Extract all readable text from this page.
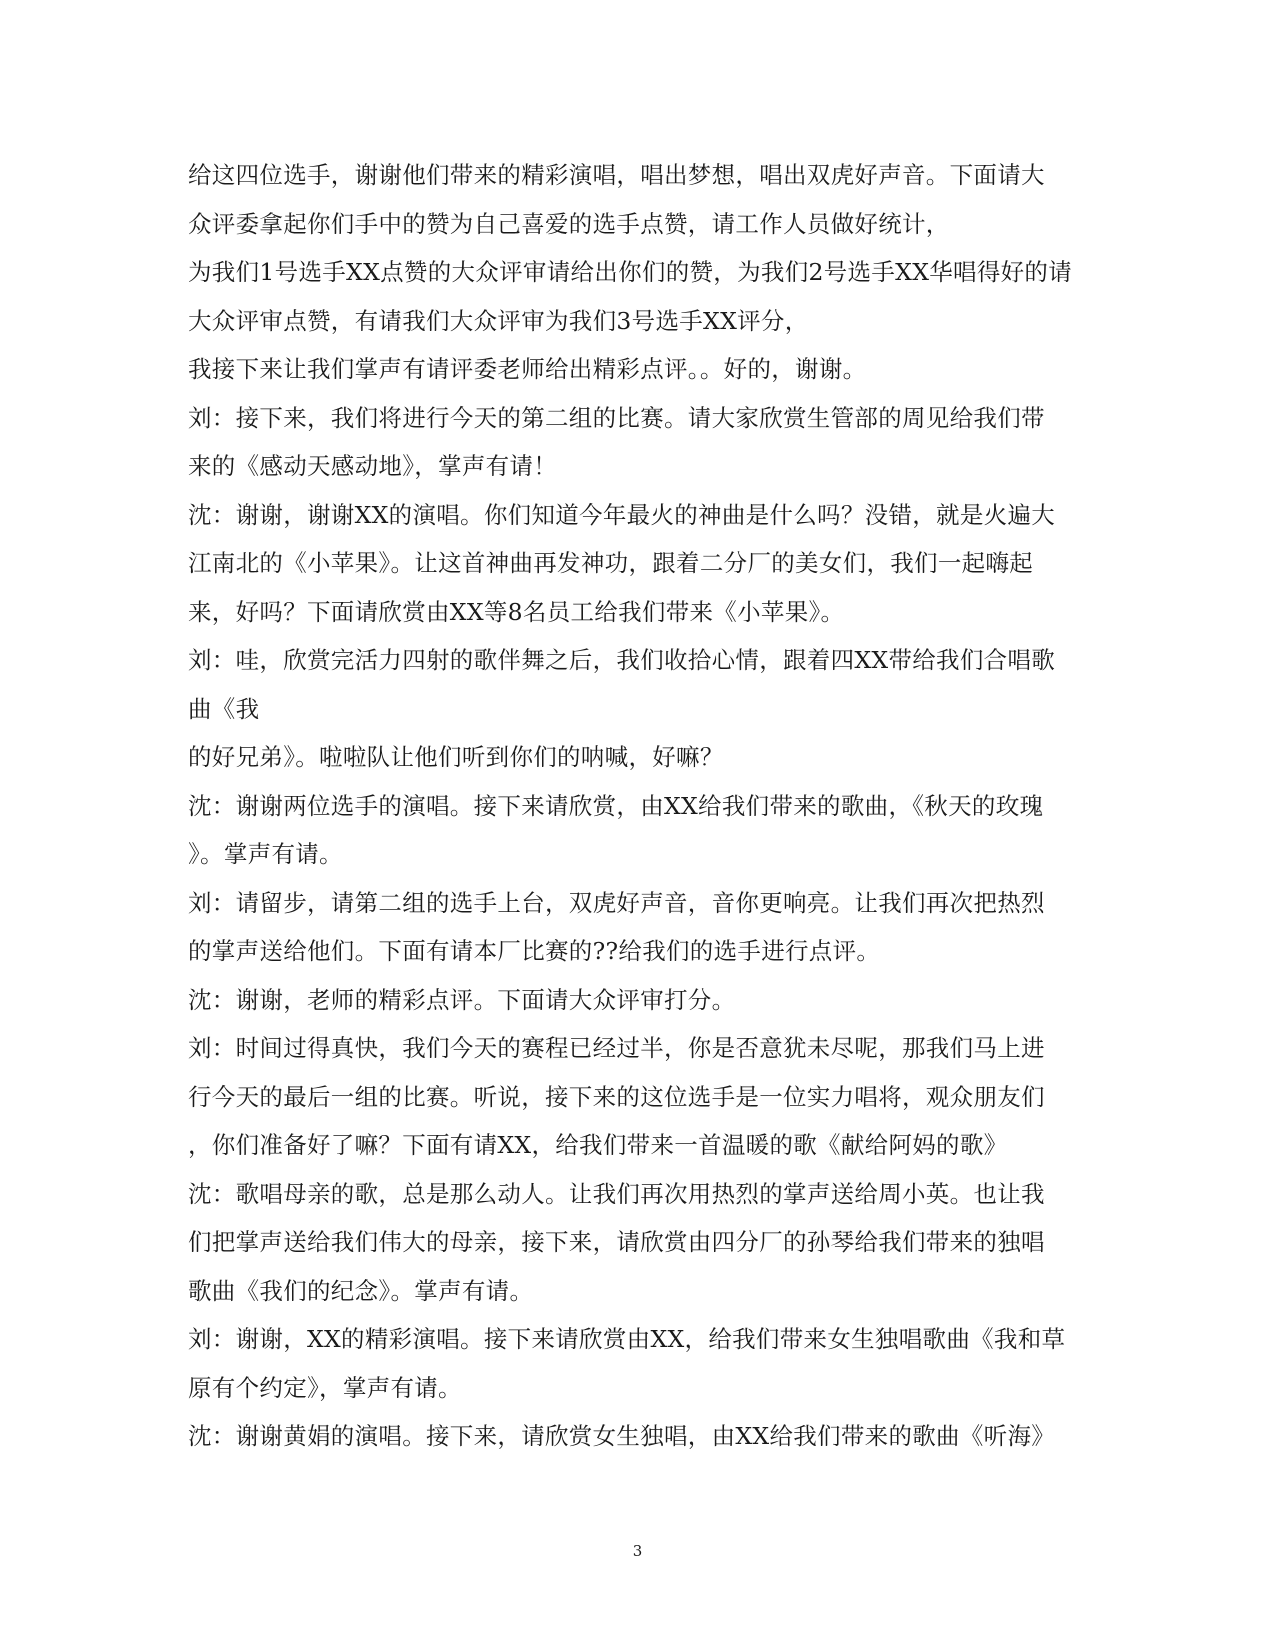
给这四位选手，谢谢他们带来的精彩演唱，唱出梦想，唱出双虎好声音。下面请大
众评委拿起你们手中的赞为自己喜爱的选手点赞，请工作人员做好统计，
为我们1号选手XX点赞的大众评审请给出你们的赞，为我们2号选手XX华唱得好的请
大众评审点赞，有请我们大众评审为我们3号选手XX评分，
我接下来让我们掌声有请评委老师给出精彩点评。。好的，谢谢。
刘：接下来，我们将进行今天的第二组的比赛。请大家欣赏生管部的周见给我们带
来的《感动天感动地》，掌声有请！
沈：谢谢，谢谢XX的演唱。你们知道今年最火的神曲是什么吗？没错，就是火遍大
江南北的《小苹果》。让这首神曲再发神功，跟着二分厂的美女们，我们一起嗨起
来，好吗？下面请欣赏由XX等8名员工给我们带来《小苹果》。
刘：哇，欣赏完活力四射的歌伴舞之后，我们收拾心情，跟着四XX带给我们合唱歌
曲《我
的好兄弟》。啦啦队让他们听到你们的呐喊，好嘛？
沈：谢谢两位选手的演唱。接下来请欣赏，由XX给我们带来的歌曲，《秋天的玫瑰
》。掌声有请。
刘：请留步，请第二组的选手上台，双虎好声音，音你更响亮。让我们再次把热烈
的掌声送给他们。下面有请本厂比赛的??给我们的选手进行点评。
沈：谢谢，老师的精彩点评。下面请大众评审打分。
刘：时间过得真快，我们今天的赛程已经过半，你是否意犹未尽呢，那我们马上进
行今天的最后一组的比赛。听说，接下来的这位选手是一位实力唱将，观众朋友们
，你们准备好了嘛？下面有请XX，给我们带来一首温暖的歌《献给阿妈的歌》
沈：歌唱母亲的歌，总是那么动人。让我们再次用热烈的掌声送给周小英。也让我
们把掌声送给我们伟大的母亲，接下来，请欣赏由四分厂的孙琴给我们带来的独唱
歌曲《我们的纪念》。掌声有请。
刘：谢谢，XX的精彩演唱。接下来请欣赏由XX，给我们带来女生独唱歌曲《我和草
原有个约定》，掌声有请。
沈：谢谢黄娟的演唱。接下来，请欣赏女生独唱，由XX给我们带来的歌曲《听海》
3
